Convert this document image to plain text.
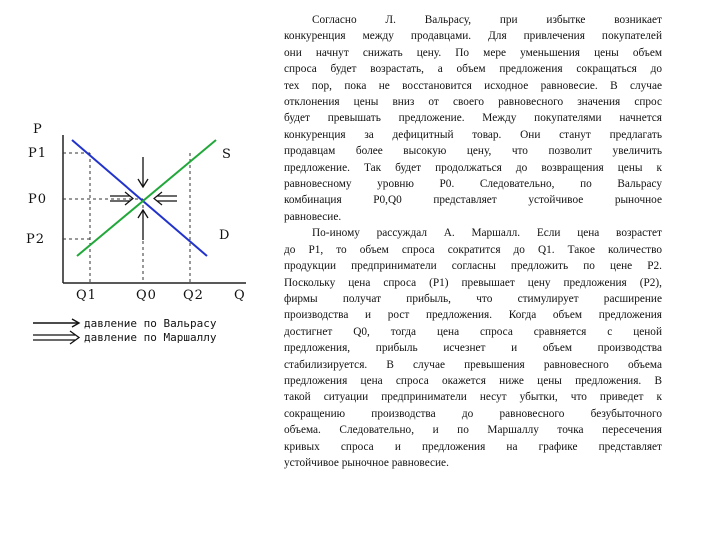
P
P1
P0
P2
S
D
Q1	Q0 Q2 Q
давление по Вальрасу
давление по Маршаллу
Согласно Л. Вальрасу, при избытке возникает
конкуренция между продавцами. Для привлечения покупателей
они начнут снижать цену. По мере уменьшения цены объем
спроса будет возрастать, а объем предложения сокращаться до
тех пор, пока не восстановится исходное равновесие. В случае
отклонения цены вниз от своего равновесного значения спрос
будет превышать предложение. Между покупателями начнется
конкуренция за дефицитный товар. Они станут предлагать
продавцам более высокую цену, что позволит увеличить
предложение. Так будет продолжаться до возвращения цены к
равновесному уровню P0. Следовательно, по Вальрасу
комбинация P0,Q0 представляет устойчивое рыночное
равновесие.
По-иному рассуждал А. Маршалл. Если цена возрастет
до P1, то объем спроса сократится до Q1. Такое количество
продукции предприниматели согласны предложить по цене P2.
Поскольку цена спроса (P1) превышает цену предложения (P2),
фирмы получат прибыль, что стимулирует расширение
производства и рост предложения. Когда объем предложения
достигнет Q0, тогда цена спроса сравняется с ценой
предложения, прибыль исчезнет и объем производства
стабилизируется. В случае превышения равновесного объема
предложения цена спроса окажется ниже цены предложения. В
такой ситуации предприниматели несут убытки, что приведет к
сокращению производства до равновесного безубыточного
объема. Следовательно, и по Маршаллу точка пересечения
кривых спроса и предложения на графике представляет
устойчивое рыночное равновесие.
